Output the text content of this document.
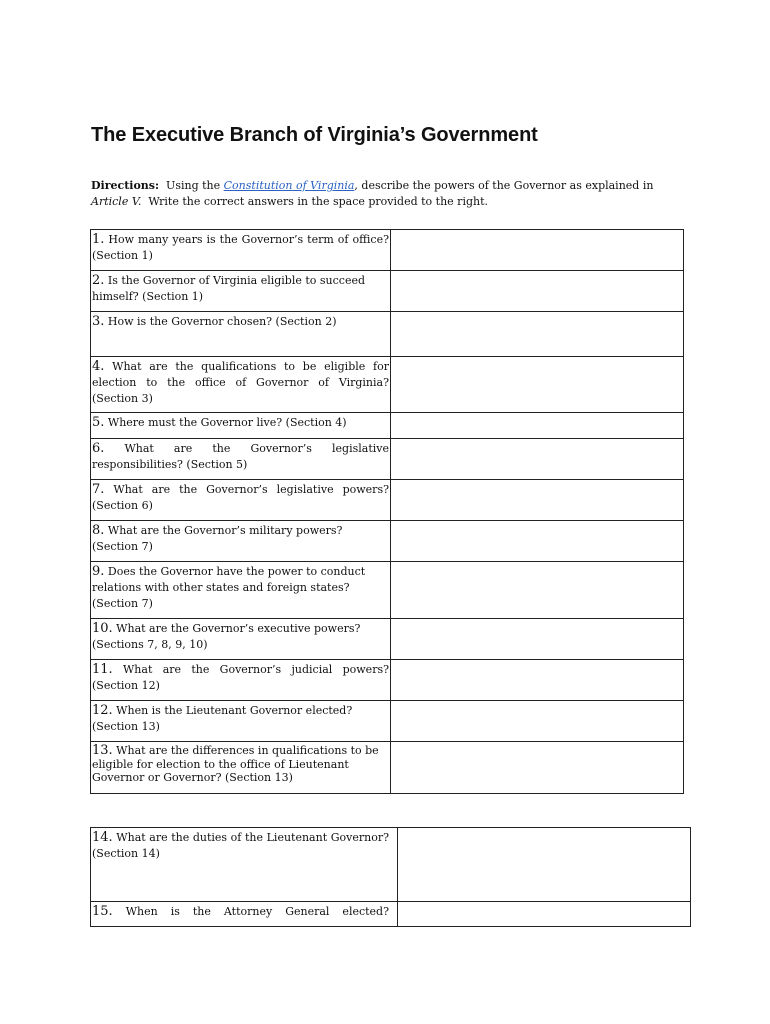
The Executive Branch of Virginia’s Government
Directions:  Using the Constitution of Virginia, describe the powers of the Governor as explained in Article V.  Write the correct answers in the space provided to the right.
1. How many years is the Governor’s term of office? (Section 1)	
2. Is the Governor of Virginia eligible to succeed himself? (Section 1)	
3. How is the Governor chosen? (Section 2)	
4. What are the qualifications to be eligible for election to the office of Governor of Virginia? (Section 3)	
5. Where must the Governor live? (Section 4)	
6. What are the Governor’s legislative responsibilities? (Section 5)	
7. What are the Governor’s legislative powers? (Section 6)	
8. What are the Governor’s military powers? (Section 7)	
9. Does the Governor have the power to conduct relations with other states and foreign states? (Section 7)	
10. What are the Governor’s executive powers? (Sections 7, 8, 9, 10)	
11. What are the Governor’s judicial powers? (Section 12)	
12. When is the Lieutenant Governor elected? (Section 13)	
13. What are the differences in qualifications to be eligible for election to the office of Lieutenant Governor or Governor? (Section 13)	
14. What are the duties of the Lieutenant Governor? (Section 14)	
15. When is the Attorney General elected?	
